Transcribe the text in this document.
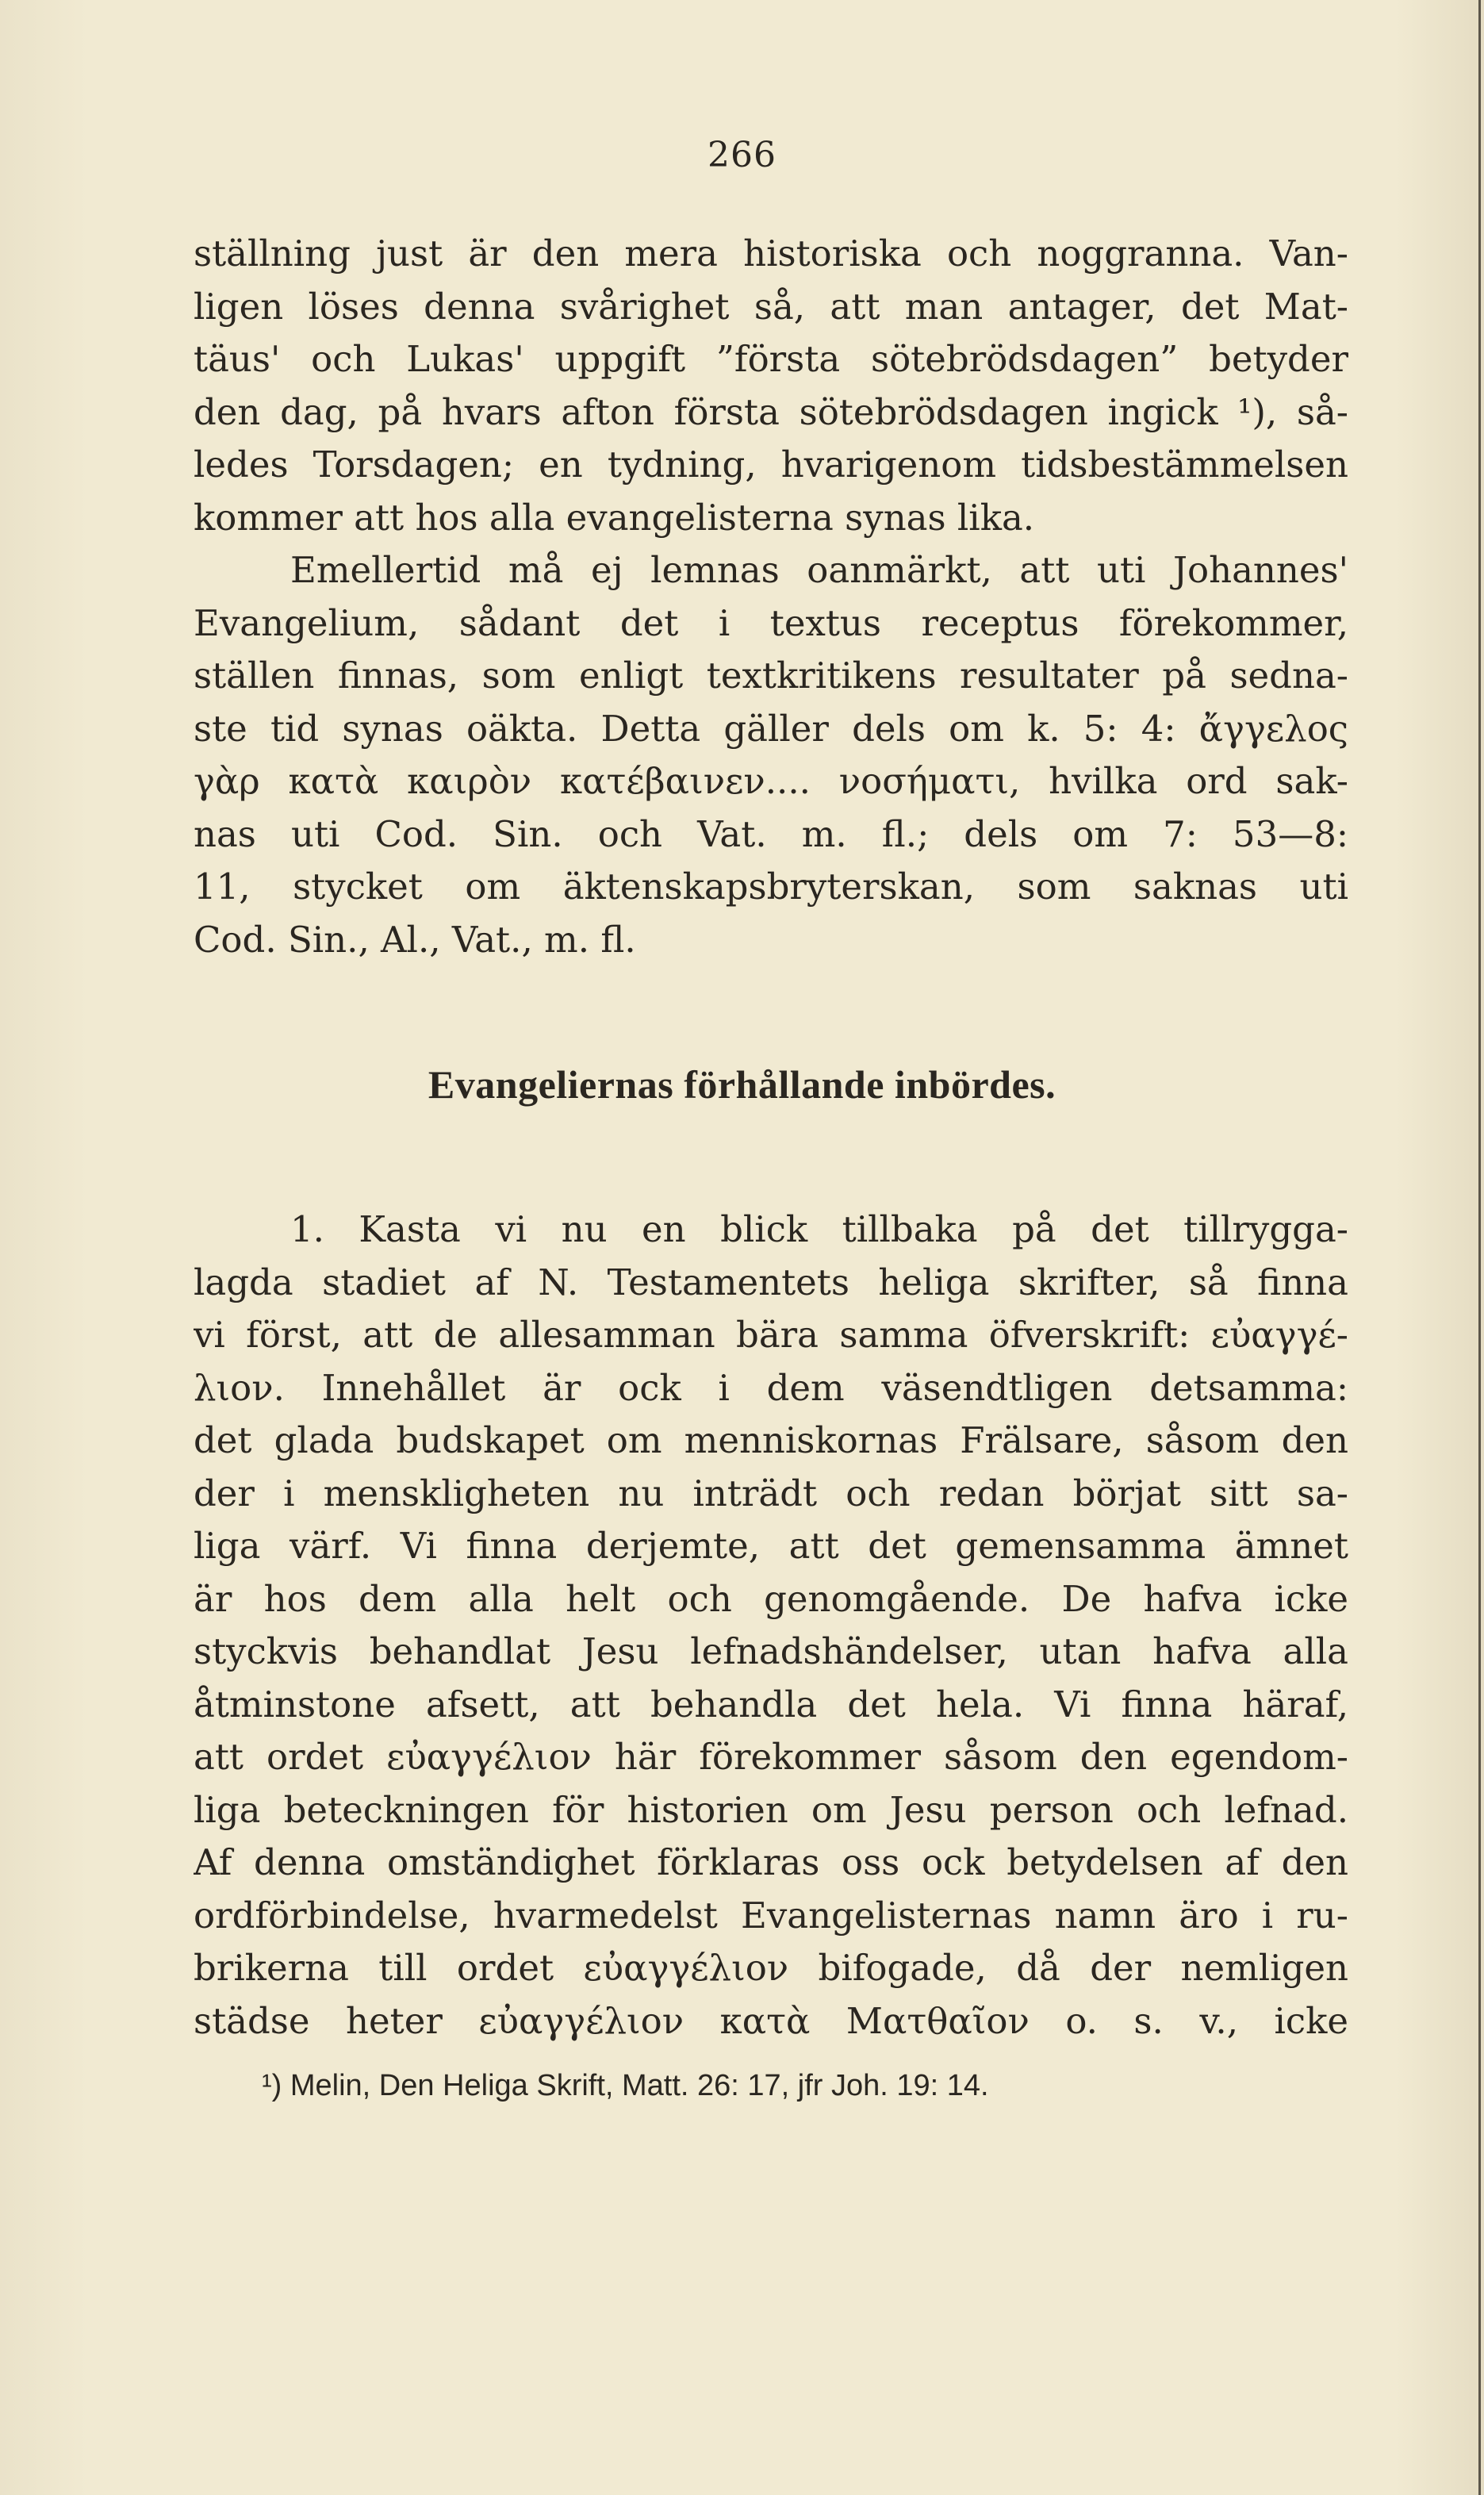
266
ställning just är den mera historiska och noggranna. Van-
ligen löses denna svårighet så, att man antager, det Mat-
täus' och Lukas' uppgift ”första sötebrödsdagen” betyder
den dag, på hvars afton första sötebrödsdagen ingick ¹), så-
ledes Torsdagen; en tydning, hvarigenom tidsbestämmelsen
kommer att hos alla evangelisterna synas lika.
Emellertid må ej lemnas oanmärkt, att uti Johannes'
Evangelium, sådant det i textus receptus förekommer,
ställen finnas, som enligt textkritikens resultater på sedna-
ste tid synas oäkta. Detta gäller dels om k. 5: 4: ἄγγελος
γὰρ κατὰ καιρὸν κατέβαινεν.... νοσήματι, hvilka ord sak-
nas uti Cod. Sin. och Vat. m. fl.; dels om 7: 53—8:
11, stycket om äktenskapsbryterskan, som saknas uti
Cod. Sin., Al., Vat., m. fl.
Evangeliernas förhållande inbördes.
1. Kasta vi nu en blick tillbaka på det tillrygga-
lagda stadiet af N. Testamentets heliga skrifter, så finna
vi först, att de allesamman bära samma öfverskrift: εὐαγγέ-
λιον. Innehållet är ock i dem väsendtligen detsamma:
det glada budskapet om menniskornas Frälsare, såsom den
der i menskligheten nu inträdt och redan börjat sitt sa-
liga värf. Vi finna derjemte, att det gemensamma ämnet
är hos dem alla helt och genomgående. De hafva icke
styckvis behandlat Jesu lefnadshändelser, utan hafva alla
åtminstone afsett, att behandla det hela. Vi finna häraf,
att ordet εὐαγγέλιον här förekommer såsom den egendom-
liga beteckningen för historien om Jesu person och lefnad.
Af denna omständighet förklaras oss ock betydelsen af den
ordförbindelse, hvarmedelst Evangelisternas namn äro i ru-
brikerna till ordet εὐαγγέλιον bifogade, då der nemligen
städse heter εὐαγγέλιον κατὰ Ματθαῖον o. s. v., icke
¹) Melin, Den Heliga Skrift, Matt. 26: 17, jfr Joh. 19: 14.
